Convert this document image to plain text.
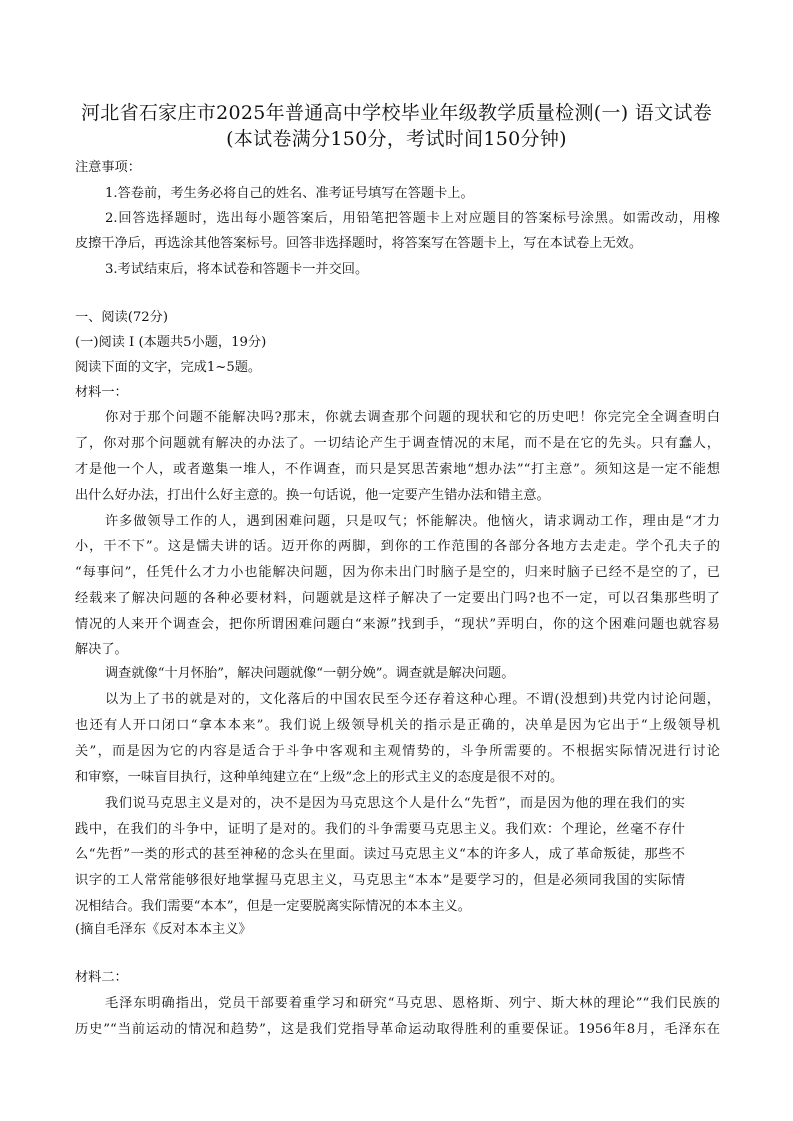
河北省石家庄市2025年普通高中学校毕业年级教学质量检测(一) 语文试卷
(本试卷满分150分，考试时间150分钟)
注意事项：
1.答卷前，考生务必将自己的姓名、准考证号填写在答题卡上。
2.回答选择题时，选出每小题答案后，用铅笔把答题卡上对应题目的答案标号涂黑。如需改动，用橡
皮擦干净后，再选涂其他答案标号。回答非选择题时，将答案写在答题卡上，写在本试卷上无效。
3.考试结束后，将本试卷和答题卡一并交回。
一、阅读(72分)
(一)阅读 I (本题共5小题，19分)
阅读下面的文字，完成1~5题。
材料一：
你对于那个问题不能解决吗?那末，你就去调查那个问题的现状和它的历史吧！你完完全全调查明白
了，你对那个问题就有解决的办法了。一切结论产生于调查情况的末尾，而不是在它的先头。只有蠢人，
才是他一个人，或者邀集一堆人，不作调查，而只是冥思苦索地“想办法”“打主意”。须知这是一定不能想
出什么好办法，打出什么好主意的。换一句话说，他一定要产生错办法和错主意。
许多做领导工作的人，遇到困难问题，只是叹气；怀能解决。他恼火，请求调动工作，理由是“才力
小，干不下”。这是懦夫讲的话。迈开你的两脚，到你的工作范围的各部分各地方去走走。学个孔夫子的
“每事问”，任凭什么才力小也能解决问题，因为你未出门时脑子是空的，归来时脑子已经不是空的了，已
经载来了解决问题的各种必要材料，问题就是这样子解决了一定要出门吗?也不一定，可以召集那些明了
情况的人来开个调查会，把你所谓困难问题白“来源”找到手，“现状”弄明白，你的这个困难问题也就容易
解决了。
调查就像“十月怀胎”，解决问题就像“一朝分娩”。调查就是解决问题。
以为上了书的就是对的，文化落后的中国农民至今还存着这种心理。不谓(没想到)共党内讨论问题，
也还有人开口闭口“拿本本来”。我们说上级领导机关的指示是正确的，决单是因为它出于“上级领导机
关”，而是因为它的内容是适合于斗争中客观和主观情势的，斗争所需要的。不根据实际情况进行讨论
和审察，一味盲目执行，这种单纯建立在“上级”念上的形式主义的态度是很不对的。
我们说马克思主义是对的，决不是因为马克思这个人是什么“先哲”，而是因为他的理在我们的实
践中，在我们的斗争中，证明了是对的。我们的斗争需要马克思主义。我们欢：个理论，丝毫不存什
么“先哲”一类的形式的甚至神秘的念头在里面。读过马克思主义“本的许多人，成了革命叛徒，那些不
识字的工人常常能够很好地掌握马克思主义，马克思主“本本”是要学习的，但是必须同我国的实际情
况相结合。我们需要“本本”，但是一定要脱离实际情况的本本主义。
(摘自毛泽东《反对本本主义》
材料二：
毛泽东明确指出，党员干部要着重学习和研究“马克思、恩格斯、列宁、斯大林的理论”“我们民族的
历史”“当前运动的情况和趋势”，这是我们党指导革命运动取得胜利的重要保证。1956年8月，毛泽东在
